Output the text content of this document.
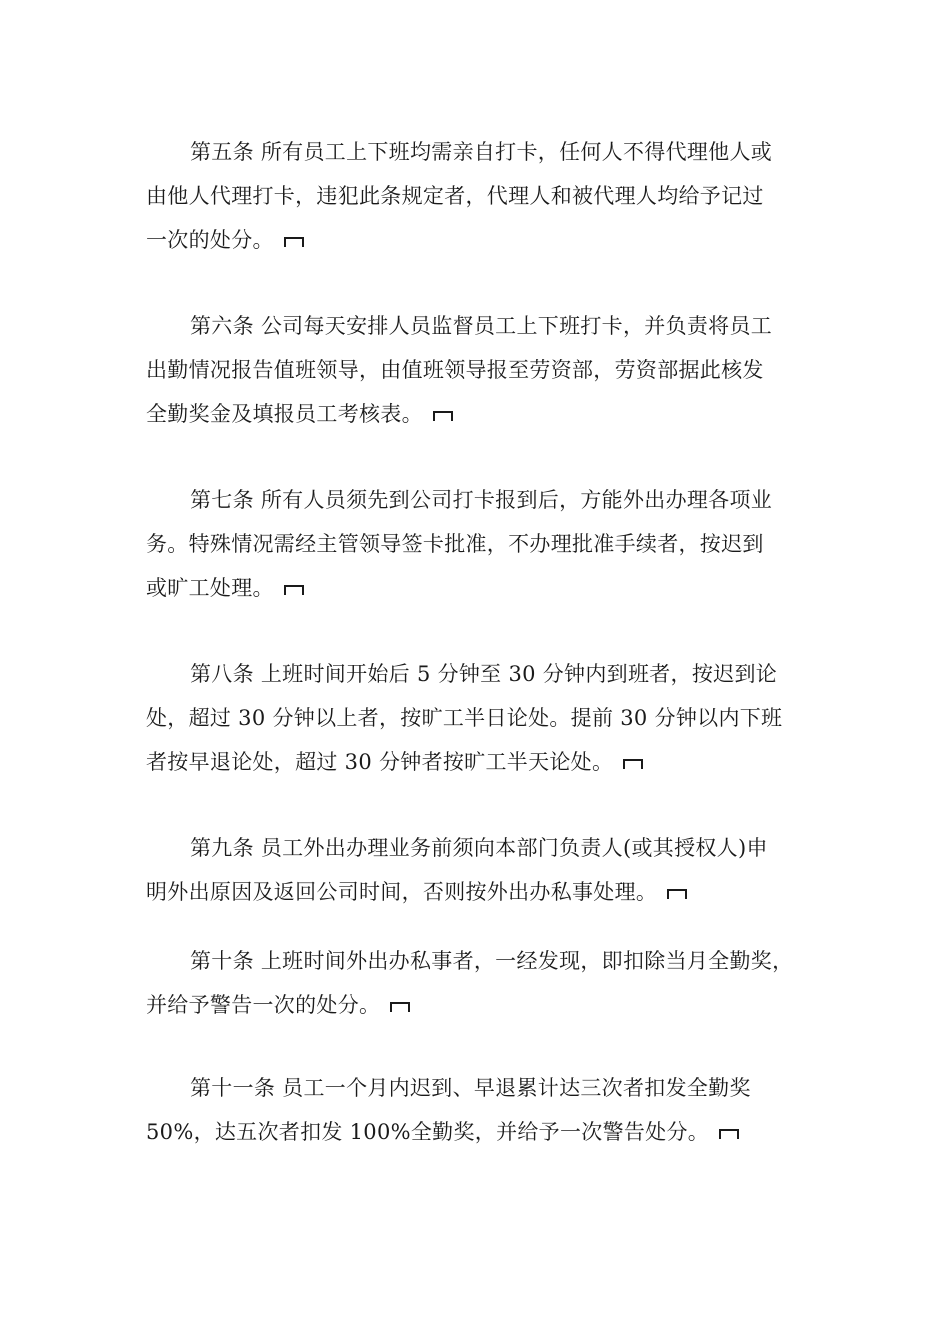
第五条 所有员工上下班均需亲自打卡，任何人不得代理他人或
由他人代理打卡，违犯此条规定者，代理人和被代理人均给予记过
一次的处分。
第六条 公司每天安排人员监督员工上下班打卡，并负责将员工
出勤情况报告值班领导，由值班领导报至劳资部，劳资部据此核发
全勤奖金及填报员工考核表。
第七条 所有人员须先到公司打卡报到后，方能外出办理各项业
务。特殊情况需经主管领导签卡批准，不办理批准手续者，按迟到
或旷工处理。
第八条 上班时间开始后 5 分钟至 30 分钟内到班者，按迟到论
处，超过 30 分钟以上者，按旷工半日论处。提前 30 分钟以内下班
者按早退论处，超过 30 分钟者按旷工半天论处。
第九条 员工外出办理业务前须向本部门负责人(或其授权人)申
明外出原因及返回公司时间，否则按外出办私事处理。
第十条 上班时间外出办私事者，一经发现，即扣除当月全勤奖，
并给予警告一次的处分。
第十一条 员工一个月内迟到、早退累计达三次者扣发全勤奖
50%，达五次者扣发 100%全勤奖，并给予一次警告处分。
